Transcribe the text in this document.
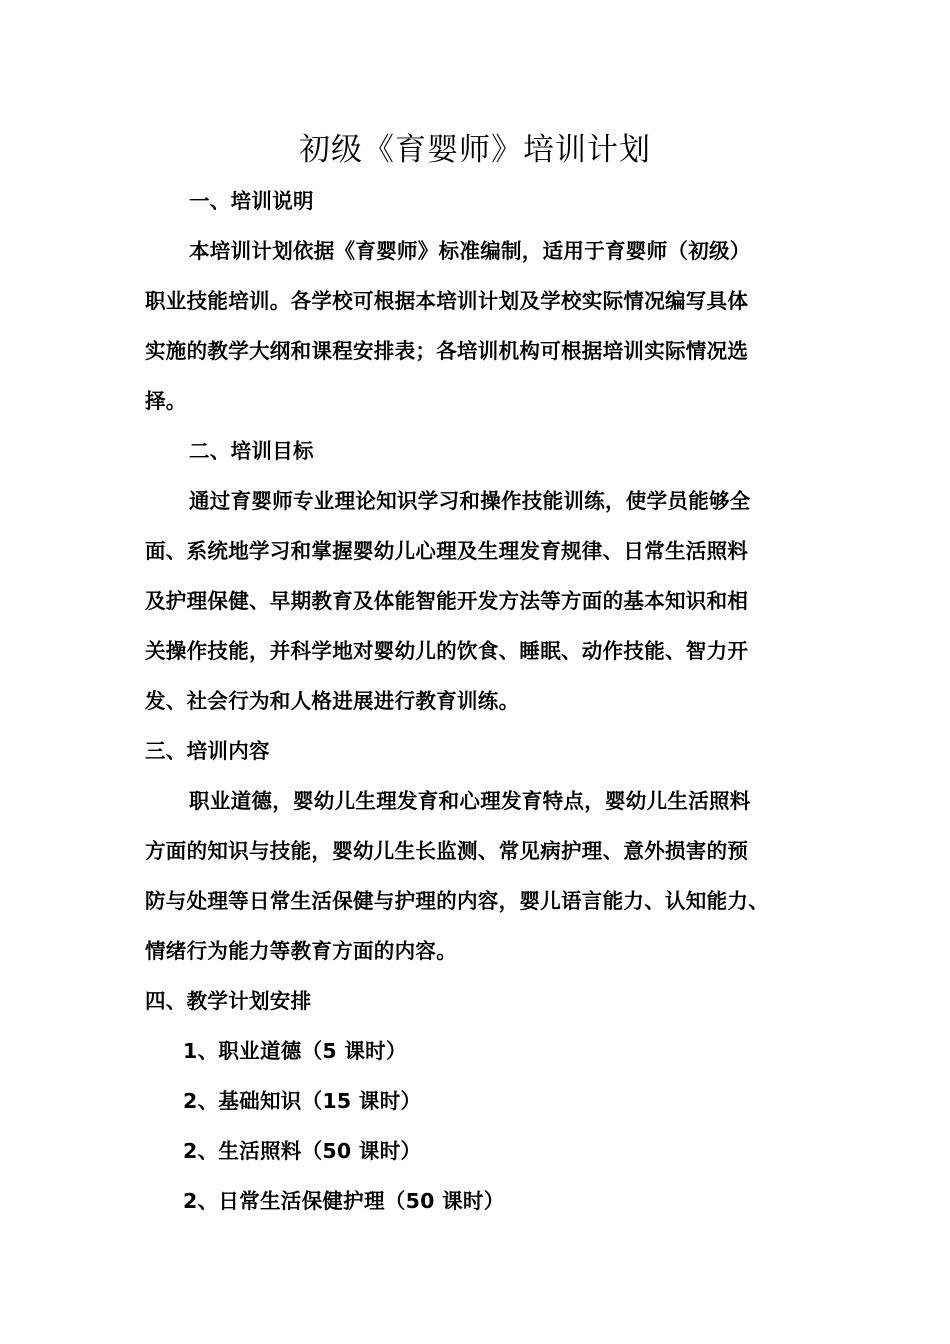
初级《育婴师》培训计划
一、培训说明
本培训计划依据《育婴师》标准编制，适用于育婴师（初级）
职业技能培训。各学校可根据本培训计划及学校实际情况编写具体
实施的教学大纲和课程安排表；各培训机构可根据培训实际情况选
择。
二、培训目标
通过育婴师专业理论知识学习和操作技能训练，使学员能够全
面、系统地学习和掌握婴幼儿心理及生理发育规律、日常生活照料
及护理保健、早期教育及体能智能开发方法等方面的基本知识和相
关操作技能，并科学地对婴幼儿的饮食、睡眠、动作技能、智力开
发、社会行为和人格进展进行教育训练。
三、培训内容
职业道德，婴幼儿生理发育和心理发育特点，婴幼儿生活照料
方面的知识与技能，婴幼儿生长监测、常见病护理、意外损害的预
防与处理等日常生活保健与护理的内容，婴儿语言能力、认知能力、
情绪行为能力等教育方面的内容。
四、教学计划安排
1、职业道德（5 课时）
2、基础知识（15 课时）
2、生活照料（50 课时）
2、日常生活保健护理（50 课时）
